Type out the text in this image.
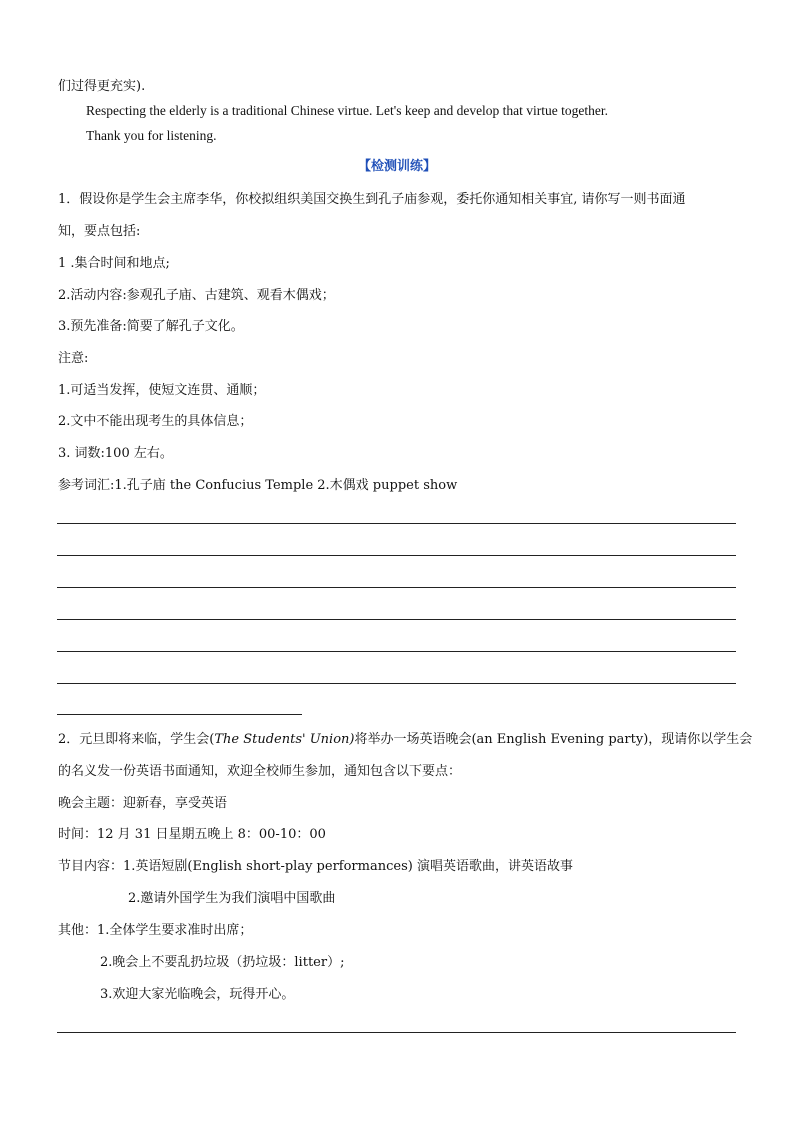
们过得更充实).
Respecting the elderly is a traditional Chinese virtue. Let's keep and develop that virtue together.
Thank you for listening.
【检测训练】
1．假设你是学生会主席李华，你校拟组织美国交换生到孔子庙参观，委托你通知相关事宜, 请你写一则书面通
知，要点包括:
1 .集合时间和地点;
2.活动内容:参观孔子庙、古建筑、观看木偶戏；
3.预先准备:简要了解孔子文化。
注意:
1.可适当发挥，使短文连贯、通顺；
2.文中不能出现考生的具体信息；
3. 词数:100 左右。
参考词汇:1.孔子庙 the Confucius Temple 2.木偶戏 puppet show
2．元旦即将来临，学生会(The Students' Union)将举办一场英语晚会(an English Evening party)，现请你以学生会
的名义发一份英语书面通知，欢迎全校师生参加，通知包含以下要点：
晚会主题：迎新春，享受英语
时间：12 月 31 日星期五晚上 8：00-10：00
节目内容：1.英语短剧(English short-play performances) 演唱英语歌曲，讲英语故事
2.邀请外国学生为我们演唱中国歌曲
其他：1.全体学生要求准时出席；
2.晚会上不要乱扔垃圾（扔垃圾：litter）;
3.欢迎大家光临晚会，玩得开心。
